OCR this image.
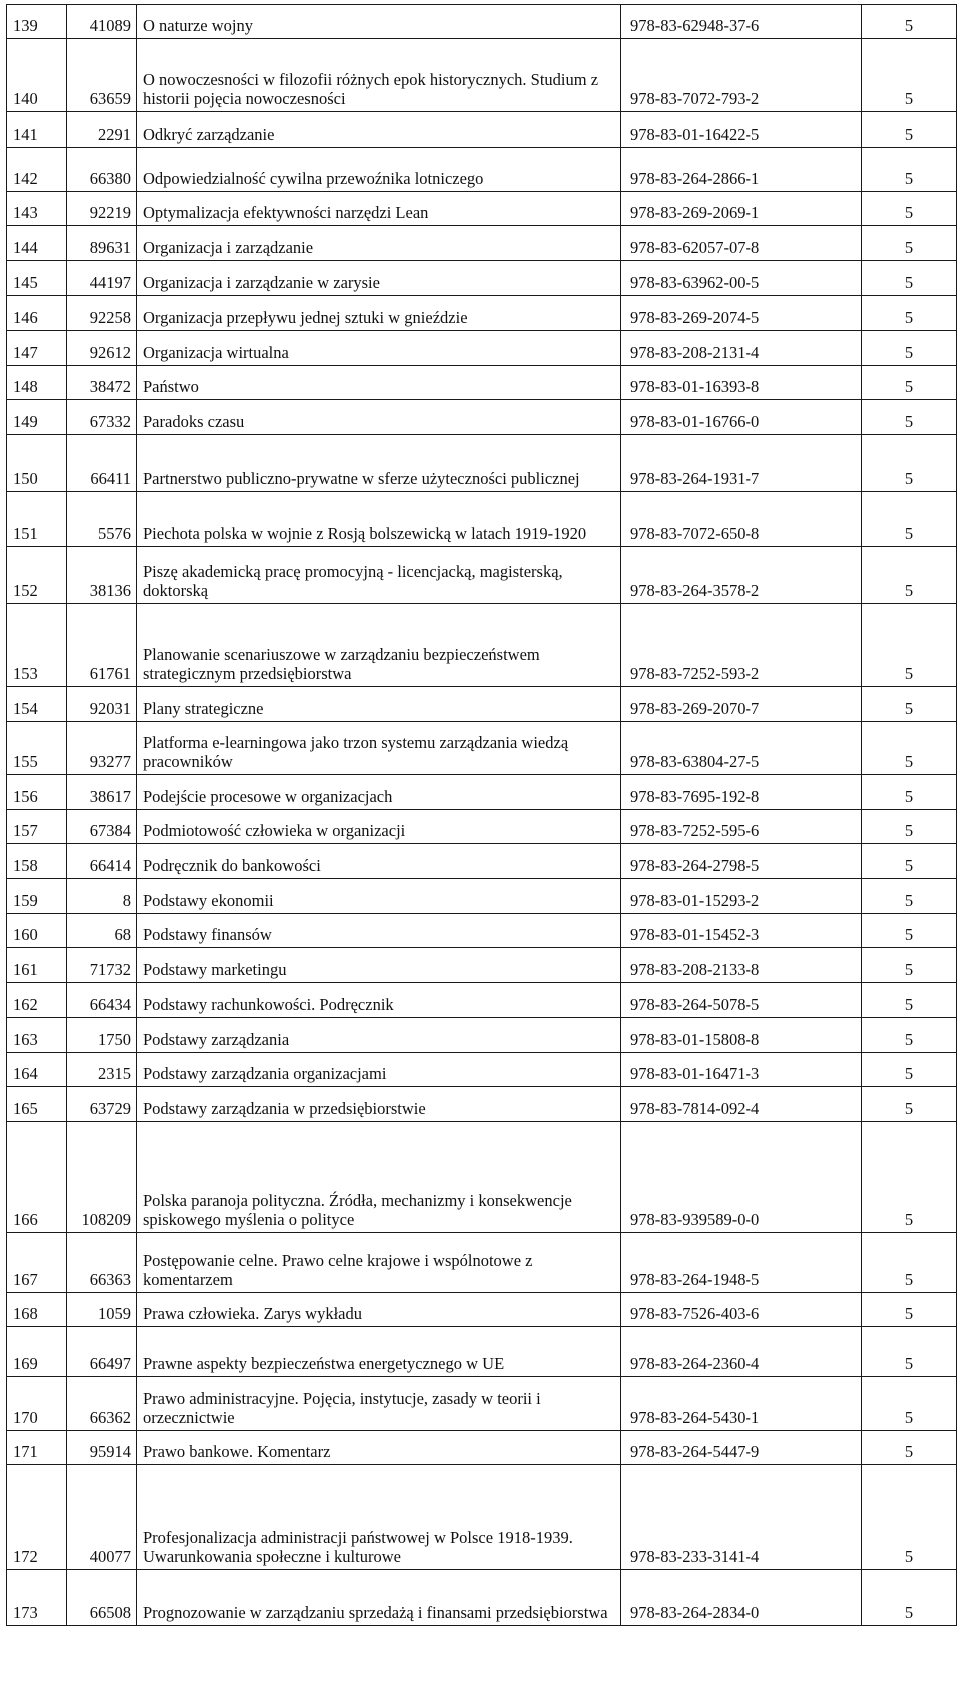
139	41089	O naturze wojny	978-83-62948-37-6	5
140	63659	O nowoczesności w filozofii różnych epok historycznych. Studium z historii pojęcia nowoczesności	978-83-7072-793-2	5
141	2291	Odkryć zarządzanie	978-83-01-16422-5	5
142	66380	Odpowiedzialność cywilna przewoźnika lotniczego	978-83-264-2866-1	5
143	92219	Optymalizacja efektywności narzędzi Lean	978-83-269-2069-1	5
144	89631	Organizacja i zarządzanie	978-83-62057-07-8	5
145	44197	Organizacja i zarządzanie w zarysie	978-83-63962-00-5	5
146	92258	Organizacja przepływu jednej sztuki w gnieździe	978-83-269-2074-5	5
147	92612	Organizacja wirtualna	978-83-208-2131-4	5
148	38472	Państwo	978-83-01-16393-8	5
149	67332	Paradoks czasu	978-83-01-16766-0	5
150	66411	Partnerstwo publiczno-prywatne w sferze użyteczności publicznej	978-83-264-1931-7	5
151	5576	Piechota polska w wojnie z Rosją bolszewicką w latach 1919-1920	978-83-7072-650-8	5
152	38136	Piszę akademicką pracę promocyjną - licencjacką, magisterską, doktorską	978-83-264-3578-2	5
153	61761	Planowanie scenariuszowe w zarządzaniu bezpieczeństwem strategicznym przedsiębiorstwa	978-83-7252-593-2	5
154	92031	Plany strategiczne	978-83-269-2070-7	5
155	93277	Platforma e-learningowa jako trzon systemu zarządzania wiedzą pracowników	978-83-63804-27-5	5
156	38617	Podejście procesowe w organizacjach	978-83-7695-192-8	5
157	67384	Podmiotowość człowieka w organizacji	978-83-7252-595-6	5
158	66414	Podręcznik do bankowości	978-83-264-2798-5	5
159	8	Podstawy ekonomii	978-83-01-15293-2	5
160	68	Podstawy finansów	978-83-01-15452-3	5
161	71732	Podstawy marketingu	978-83-208-2133-8	5
162	66434	Podstawy rachunkowości. Podręcznik	978-83-264-5078-5	5
163	1750	Podstawy zarządzania	978-83-01-15808-8	5
164	2315	Podstawy zarządzania organizacjami	978-83-01-16471-3	5
165	63729	Podstawy zarządzania w przedsiębiorstwie	978-83-7814-092-4	5
166	108209	Polska paranoja polityczna. Źródła, mechanizmy i konsekwencje spiskowego myślenia o polityce	978-83-939589-0-0	5
167	66363	Postępowanie celne. Prawo celne krajowe i wspólnotowe z komentarzem	978-83-264-1948-5	5
168	1059	Prawa człowieka. Zarys wykładu	978-83-7526-403-6	5
169	66497	Prawne aspekty bezpieczeństwa energetycznego w UE	978-83-264-2360-4	5
170	66362	Prawo administracyjne. Pojęcia, instytucje, zasady w teorii i orzecznictwie	978-83-264-5430-1	5
171	95914	Prawo bankowe. Komentarz	978-83-264-5447-9	5
172	40077	Profesjonalizacja administracji państwowej w Polsce 1918-1939. Uwarunkowania społeczne i kulturowe	978-83-233-3141-4	5
173	66508	Prognozowanie w zarządzaniu sprzedażą i finansami przedsiębiorstwa	978-83-264-2834-0	5
